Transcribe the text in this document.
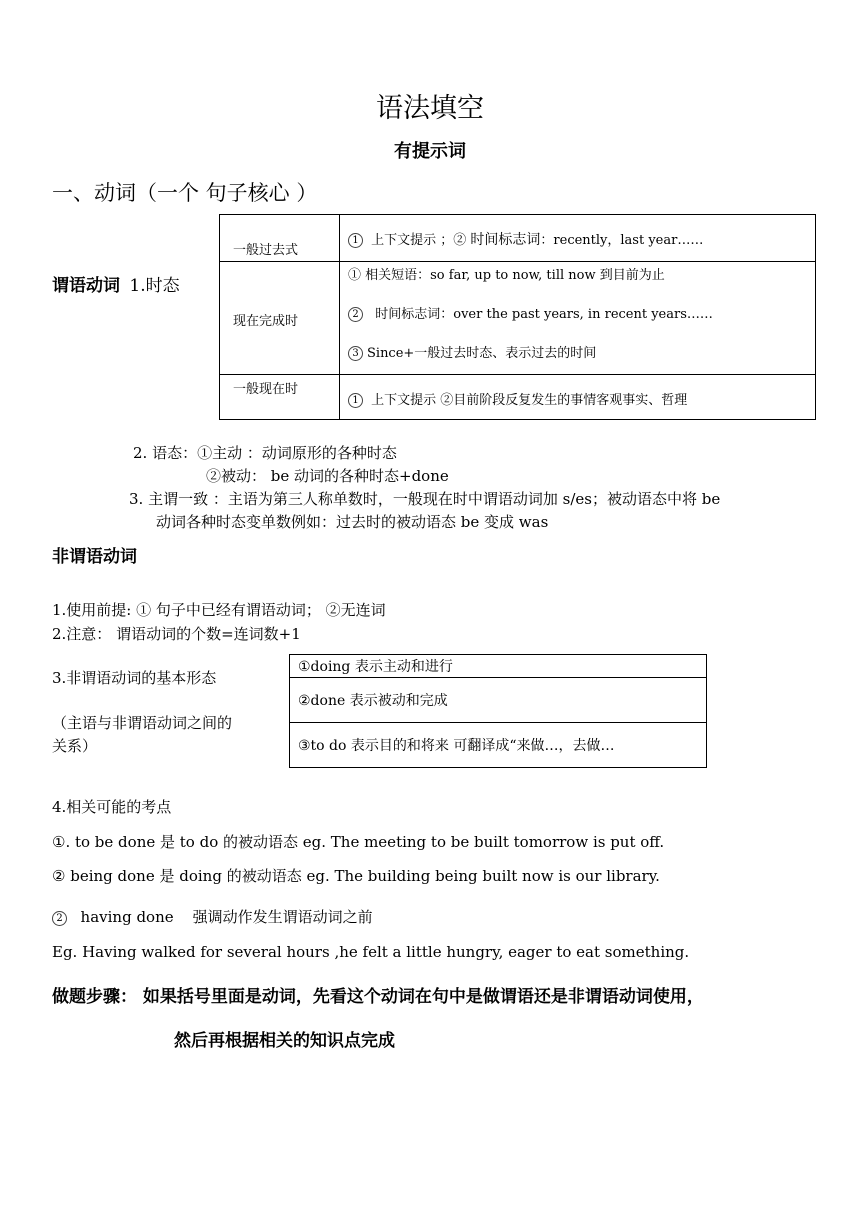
语法填空
有提示词
一、动词（一个 句子核心 ）
谓语动词 1.时态
一般过去式	1 上下文提示 ；② 时间标志词：recently，last year……

现在完成时	① 相关短语：so far, up to now, till now 到目前为止
2  时间标志词：over the past years, in recent years……
3 Since+一般过去时态、表示过去的时间

一般现在时	1 上下文提示 ②目前阶段反复发生的事情客观事实、哲理
2. 语态：①主动 ：动词原形的各种时态
②被动： be 动词的各种时态+done
3. 主谓一致 ：主语为第三人称单数时，一般现在时中谓语动词加 s/es；被动语态中将 be
动词各种时态变单数例如：过去时的被动语态 be 变成 was
非谓语动词
1.使用前提: ① 句子中已经有谓语动词； ②无连词
2.注意： 谓语动词的个数=连词数+1
3.非谓语动词的基本形态
（主语与非谓语动词之间的
关系）
①doing 表示主动和进行
②done 表示被动和完成
③to do 表示目的和将来 可翻译成“来做…，去做…
4.相关可能的考点
①. to be done 是 to do 的被动语态 eg. The meeting to be built tomorrow is put off.
② being done 是 doing 的被动语态 eg. The building being built now is our library.
2  having done    强调动作发生谓语动词之前
Eg. Having walked for several hours ,he felt a little hungry, eager to eat something.
做题步骤： 如果括号里面是动词，先看这个动词在句中是做谓语还是非谓语动词使用，
然后再根据相关的知识点完成
